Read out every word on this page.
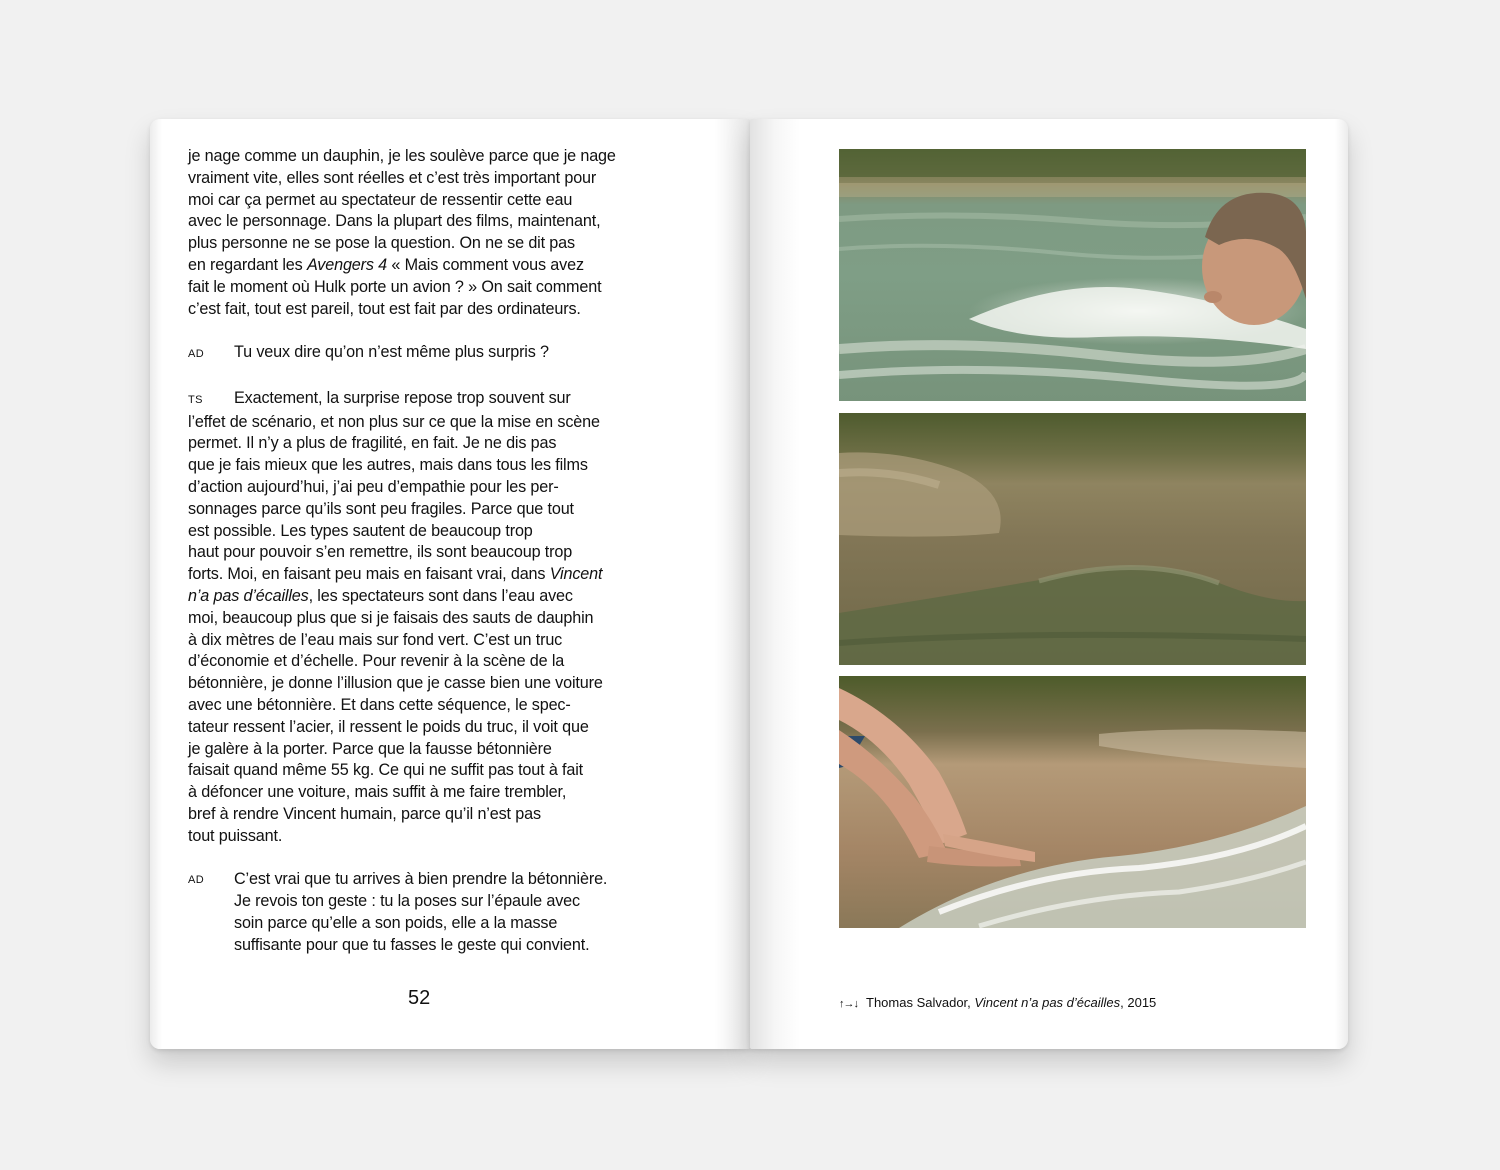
je nage comme un dauphin, je les soulève parce que je nage

vraiment vite, elles sont réelles et c’est très important pour

moi car ça permet au spectateur de ressentir cette eau

avec le personnage. Dans la plupart des films, maintenant,

plus personne ne se pose la question. On ne se dit pas

en regardant les Avengers 4 « Mais comment vous avez

fait le moment où Hulk porte un avion ? » On sait comment

c’est fait, tout est pareil, tout est fait par des ordinateurs.

AD Tu veux dire qu’on n’est même plus surpris ?

TS Exactement, la surprise repose trop souvent sur

l’effet de scénario, et non plus sur ce que la mise en scène

permet. Il n’y a plus de fragilité, en fait. Je ne dis pas

que je fais mieux que les autres, mais dans tous les films

d’action aujourd’hui, j’ai peu d’empathie pour les per-

sonnages parce qu’ils sont peu fragiles. Parce que tout

est possible. Les types sautent de beaucoup trop

haut pour pouvoir s’en remettre, ils sont beaucoup trop

forts. Moi, en faisant peu mais en faisant vrai, dans Vincent

n’a pas d’écailles, les spectateurs sont dans l’eau avec

moi, beaucoup plus que si je faisais des sauts de dauphin

à dix mètres de l’eau mais sur fond vert. C’est un truc

d’économie et d’échelle. Pour revenir à la scène de la

bétonnière, je donne l’illusion que je casse bien une voiture

avec une bétonnière. Et dans cette séquence, le spec-

tateur ressent l’acier, il ressent le poids du truc, il voit que

je galère à la porter. Parce que la fausse bétonnière

faisait quand même 55 kg. Ce qui ne suffit pas tout à fait

à défoncer une voiture, mais suffit à me faire trembler,

bref à rendre Vincent humain, parce qu’il n’est pas

tout puissant.

AD	C’est vrai que tu arrives à bien prendre la bétonnière.

Je revois ton geste : tu la poses sur l’épaule avec

soin parce qu’elle a son poids, elle a la masse

suffisante pour que tu fasses le geste qui convient.

52	↑→↓ Thomas Salvador, Vincent n’a pas d’écailles, 2015
